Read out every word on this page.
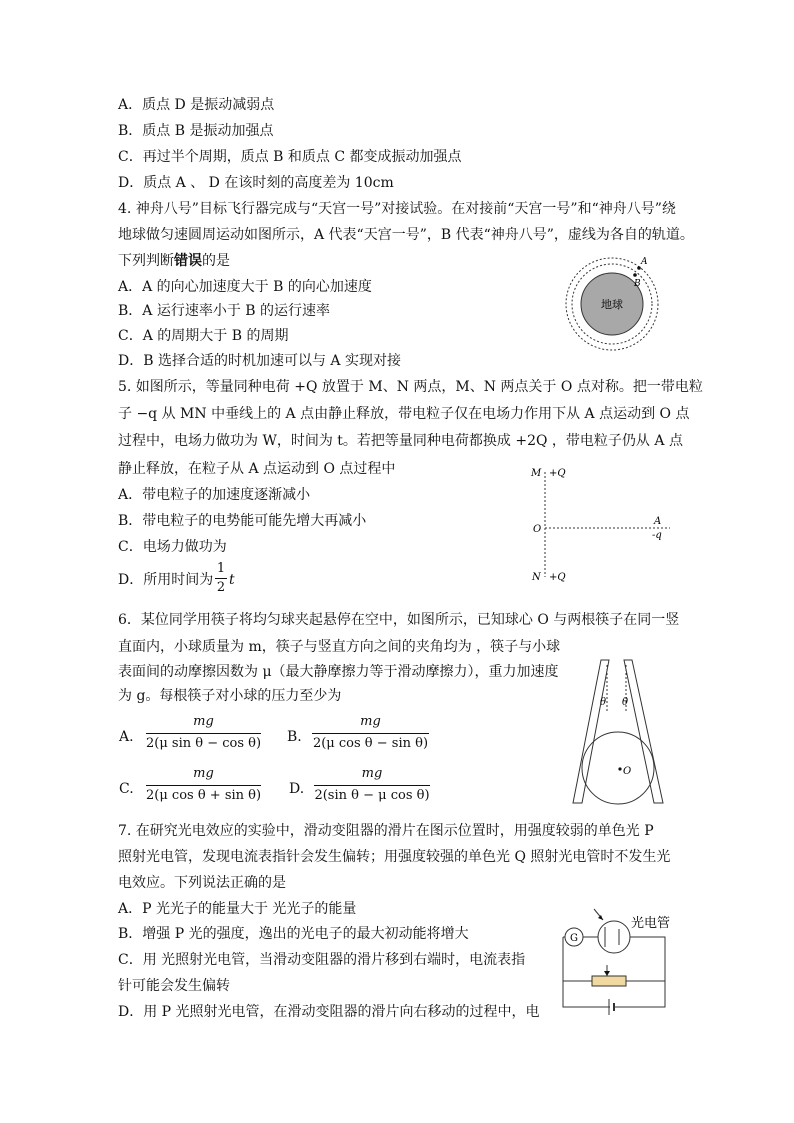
A．质点 D 是振动减弱点
B．质点 B 是振动加强点
C．再过半个周期，质点 B 和质点 C 都变成振动加强点
D．质点 A 、 D 在该时刻的高度差为 10cm
4. 神舟八号”目标飞行器完成与“天宫一号”对接试验。在对接前“天宫一号”和“神舟八号”绕
地球做匀速圆周运动如图所示，A 代表“天宫一号”，B 代表“神舟八号”，虚线为各自的轨道。
下列判断错误的是
A．A 的向心加速度大于 B 的向心加速度
B．A 运行速率小于 B 的运行速率
C．A 的周期大于 B 的周期
D．B 选择合适的时机加速可以与 A 实现对接
地球
A
B
5. 如图所示，等量同种电荷 +Q 放置于 M、N 两点，M、N 两点关于 O 点对称。把一带电粒
子 −q 从 MN 中垂线上的 A 点由静止释放，带电粒子仅在电场力作用下从 A 点运动到 O 点
过程中，电场力做功为 W，时间为 t。若把等量同种电荷都换成 +2Q ，带电粒子仍从 A 点
静止释放，在粒子从 A 点运动到 O 点过程中
A．带电粒子的加速度逐渐减小
B．带电粒子的电势能可能先增大再减小
C．电场力做功为
D．所用时间为
1
2 t
M +Q
O
A
-q
N +Q
6．某位同学用筷子将均匀球夹起悬停在空中，如图所示，已知球心 O 与两根筷子在同一竖
直面内，小球质量为 m，筷子与竖直方向之间的夹角均为 ，筷子与小球
表面间的动摩擦因数为 μ（最大静摩擦力等于滑动摩擦力），重力加速度
为 g。每根筷子对小球的压力至少为
A.
mg
2(μ sin θ − cos θ) B.
mg
2(μ cos θ − sin θ)
C.
mg
2(μ cos θ + sin θ) D.
mg
2(sin θ − μ cos θ)
θ θ
O
7. 在研究光电效应的实验中，滑动变阻器的滑片在图示位置时，用强度较弱的单色光 P
照射光电管，发现电流表指针会发生偏转；用强度较强的单色光 Q 照射光电管时不发生光
电效应。下列说法正确的是
A．P 光光子的能量大于 光光子的能量
B．增强 P 光的强度，逸出的光电子的最大初动能将增大
C．用 光照射光电管，当滑动变阻器的滑片移到右端时，电流表指
针可能会发生偏转
D．用 P 光照射光电管，在滑动变阻器的滑片向右移动的过程中，电
G
光电管
